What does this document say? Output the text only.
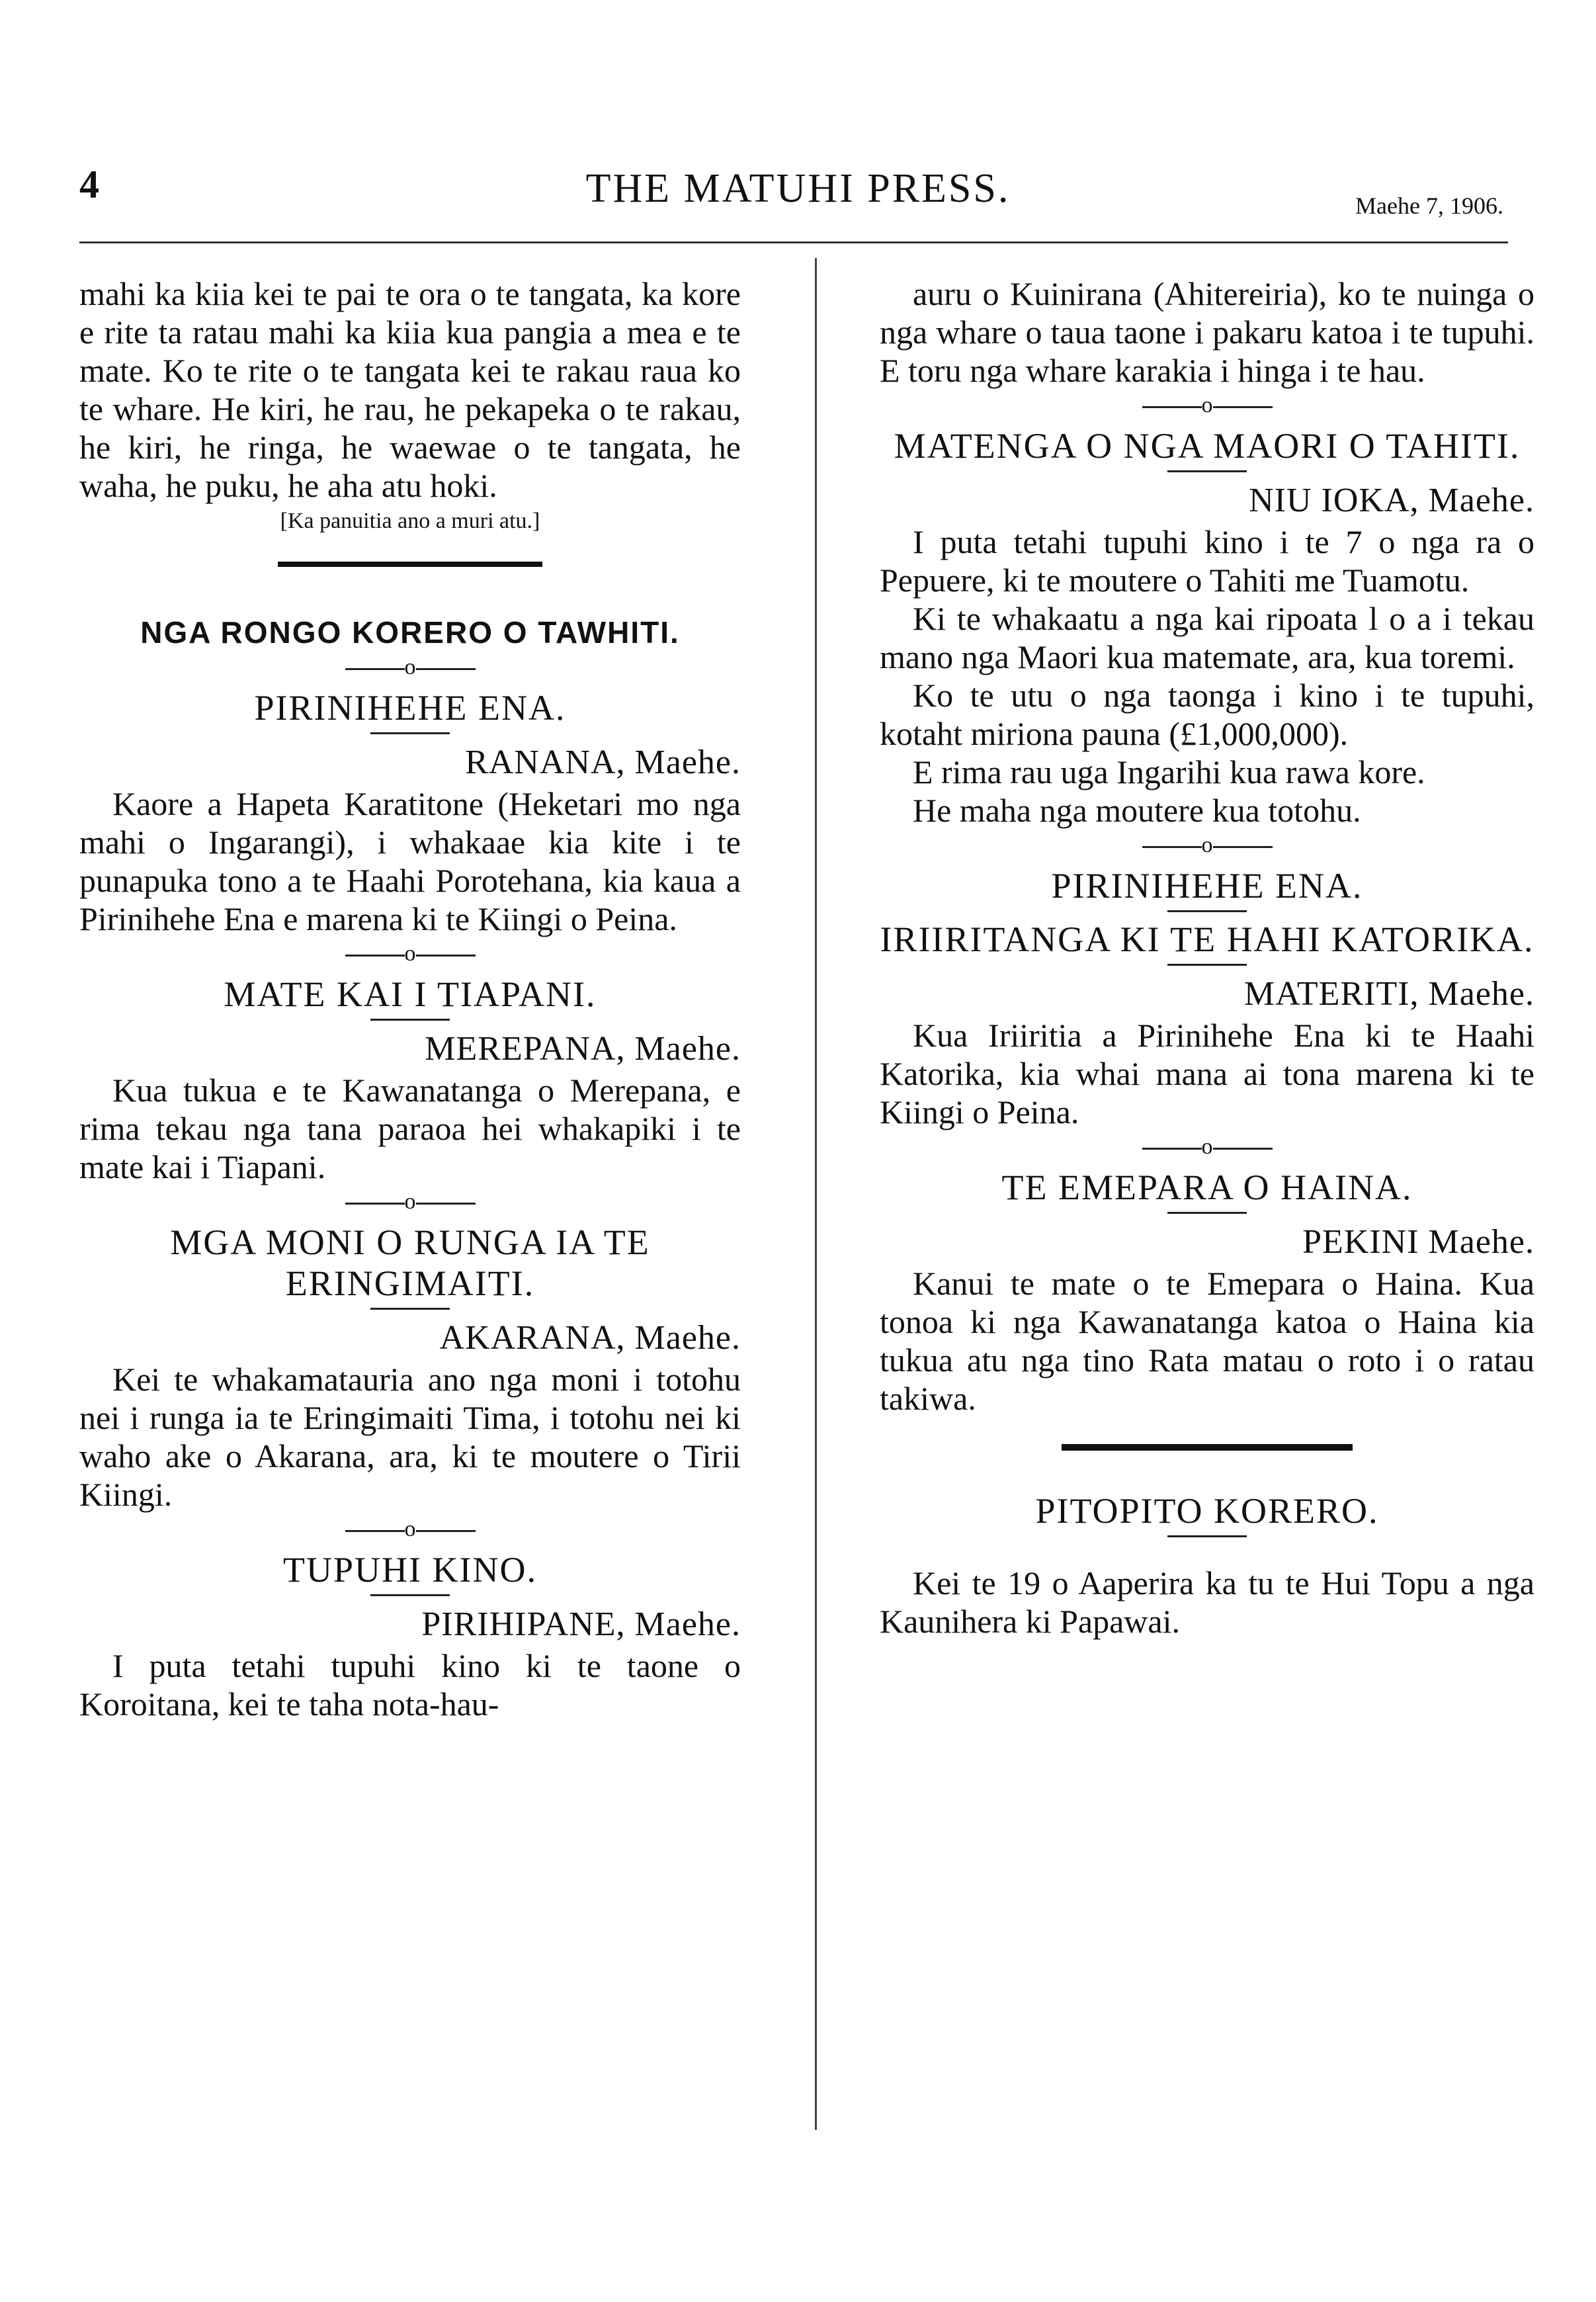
4	THE MATUHI PRESS.	Maehe 7, 1906.

mahi ka kiia kei te pai te ora o te tangata, ka kore e rite ta ratau mahi ka kiia kua pangia a mea e te mate. Ko te rite o te tangata kei te rakau raua ko te whare. He kiri, he rau, he pekapeka o te rakau, he kiri, he ringa, he waewae o te tangata, he waha, he puku, he aha atu hoki.

[Ka panuitia ano a muri atu.]
NGA RONGO KORERO O TAWHITI.
o
PIRINIHEHE ENA.
RANANA, Maehe.

Kaore a Hapeta Karatitone (Heketari mo nga mahi o Ingarangi), i whakaae kia kite i te punapuka tono a te Haahi Porotehana, kia kaua a Pirinihehe Ena e marena ki te Kiingi o Peina.

o
MATE KAI I TIAPANI.
MEREPANA, Maehe.

Kua tukua e te Kawanatanga o Merepana, e rima tekau nga tana paraoa hei whakapiki i te mate kai i Tiapani.

o
MGA MONI O RUNGA IA TE ERINGIMAITI.
AKARANA, Maehe.

Kei te whakamatauria ano nga moni i totohu nei i runga ia te Eringimaiti Tima, i totohu nei ki waho ake o Akarana, ara, ki te moutere o Tirii Kiingi.

o
TUPUHI KINO.
PIRIHIPANE, Maehe.

I puta tetahi tupuhi kino ki te taone o Koroitana, kei te taha nota-hau-

auru o Kuinirana (Ahitereiria), ko te nuinga o nga whare o taua taone i pakaru katoa i te tupuhi. E toru nga whare karakia i hinga i te hau.

o
MATENGA O NGA MAORI O TAHITI.
NIU IOKA, Maehe.

I puta tetahi tupuhi kino i te 7 o nga ra o Pepuere, ki te moutere o Tahiti me Tuamotu.

Ki te whakaatu a nga kai ripoata l o a i tekau mano nga Maori kua matemate, ara, kua toremi.

Ko te utu o nga taonga i kino i te tupuhi, kotaht miriona pauna (£1,000,000).

E rima rau uga Ingarihi kua rawa kore.

He maha nga moutere kua totohu.

o
PIRINIHEHE ENA.
IRIIRITANGA KI TE HAHI KATORIKA.
MATERITI, Maehe.

Kua Iriiritia a Pirinihehe Ena ki te Haahi Katorika, kia whai mana ai tona marena ki te Kiingi o Peina.

o
TE EMEPARA O HAINA.
PEKINI Maehe.

Kanui te mate o te Emepara o Haina. Kua tonoa ki nga Kawanatanga katoa o Haina kia tukua atu nga tino Rata matau o roto i o ratau takiwa.

PITOPITO KORERO.

Kei te 19 o Aaperira ka tu te Hui Topu a nga Kaunihera ki Papawai.
